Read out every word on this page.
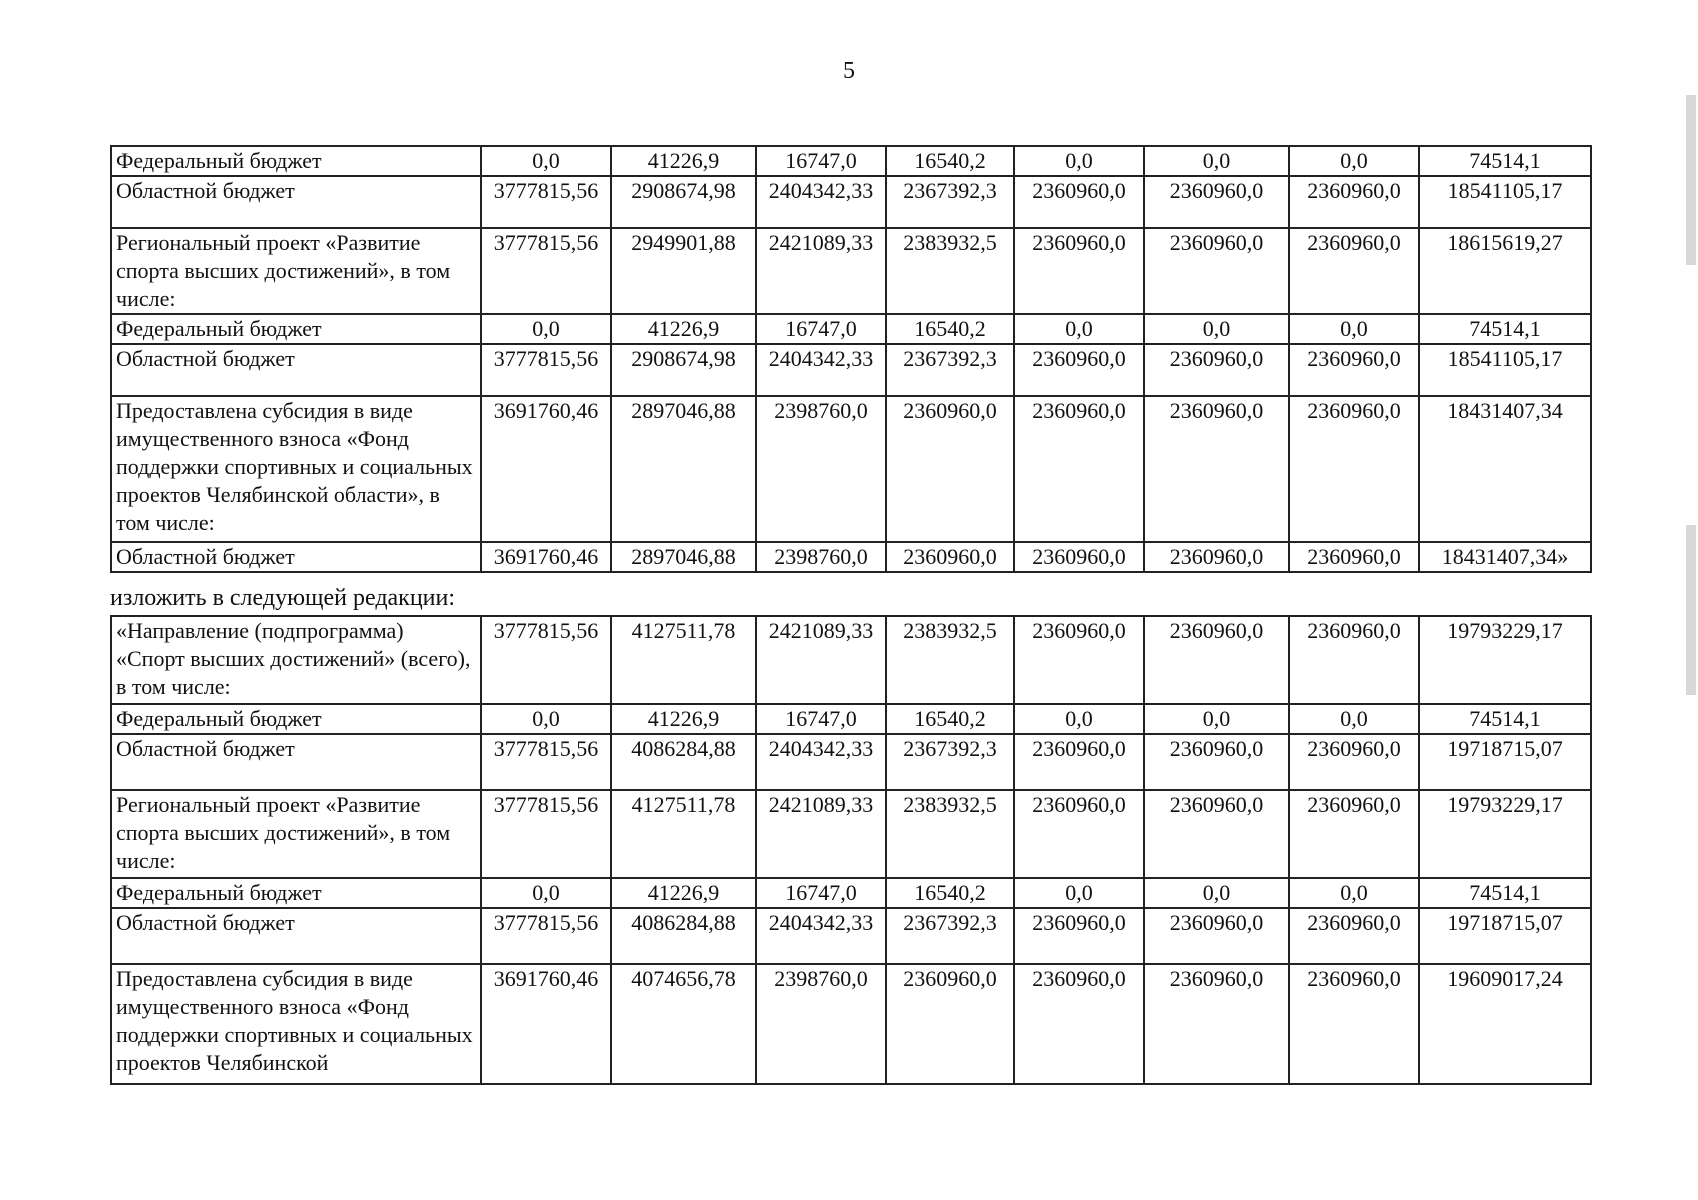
5
Федеральный бюджет	0,0	41226,9	16747,0	16540,2	0,0	0,0	0,0	74514,1
Областной бюджет	3777815,56	2908674,98	2404342,33	2367392,3	2360960,0	2360960,0	2360960,0	18541105,17
Региональный проект «Развитие спорта высших достижений», в том числе:	3777815,56	2949901,88	2421089,33	2383932,5	2360960,0	2360960,0	2360960,0	18615619,27
Федеральный бюджет	0,0	41226,9	16747,0	16540,2	0,0	0,0	0,0	74514,1
Областной бюджет	3777815,56	2908674,98	2404342,33	2367392,3	2360960,0	2360960,0	2360960,0	18541105,17
Предоставлена субсидия в виде имущественного взноса «Фонд поддержки спортивных и социальных проектов Челябинской области», в том числе:	3691760,46	2897046,88	2398760,0	2360960,0	2360960,0	2360960,0	2360960,0	18431407,34
Областной бюджет	3691760,46	2897046,88	2398760,0	2360960,0	2360960,0	2360960,0	2360960,0	18431407,34»
изложить в следующей редакции:
«Направление (подпрограмма) «Спорт высших достижений» (всего), в том числе:	3777815,56	4127511,78	2421089,33	2383932,5	2360960,0	2360960,0	2360960,0	19793229,17
Федеральный бюджет	0,0	41226,9	16747,0	16540,2	0,0	0,0	0,0	74514,1
Областной бюджет	3777815,56	4086284,88	2404342,33	2367392,3	2360960,0	2360960,0	2360960,0	19718715,07
Региональный проект «Развитие спорта высших достижений», в том числе:	3777815,56	4127511,78	2421089,33	2383932,5	2360960,0	2360960,0	2360960,0	19793229,17
Федеральный бюджет	0,0	41226,9	16747,0	16540,2	0,0	0,0	0,0	74514,1
Областной бюджет	3777815,56	4086284,88	2404342,33	2367392,3	2360960,0	2360960,0	2360960,0	19718715,07
Предоставлена субсидия в виде имущественного взноса «Фонд поддержки спортивных и социальных проектов Челябинской	3691760,46	4074656,78	2398760,0	2360960,0	2360960,0	2360960,0	2360960,0	19609017,24
